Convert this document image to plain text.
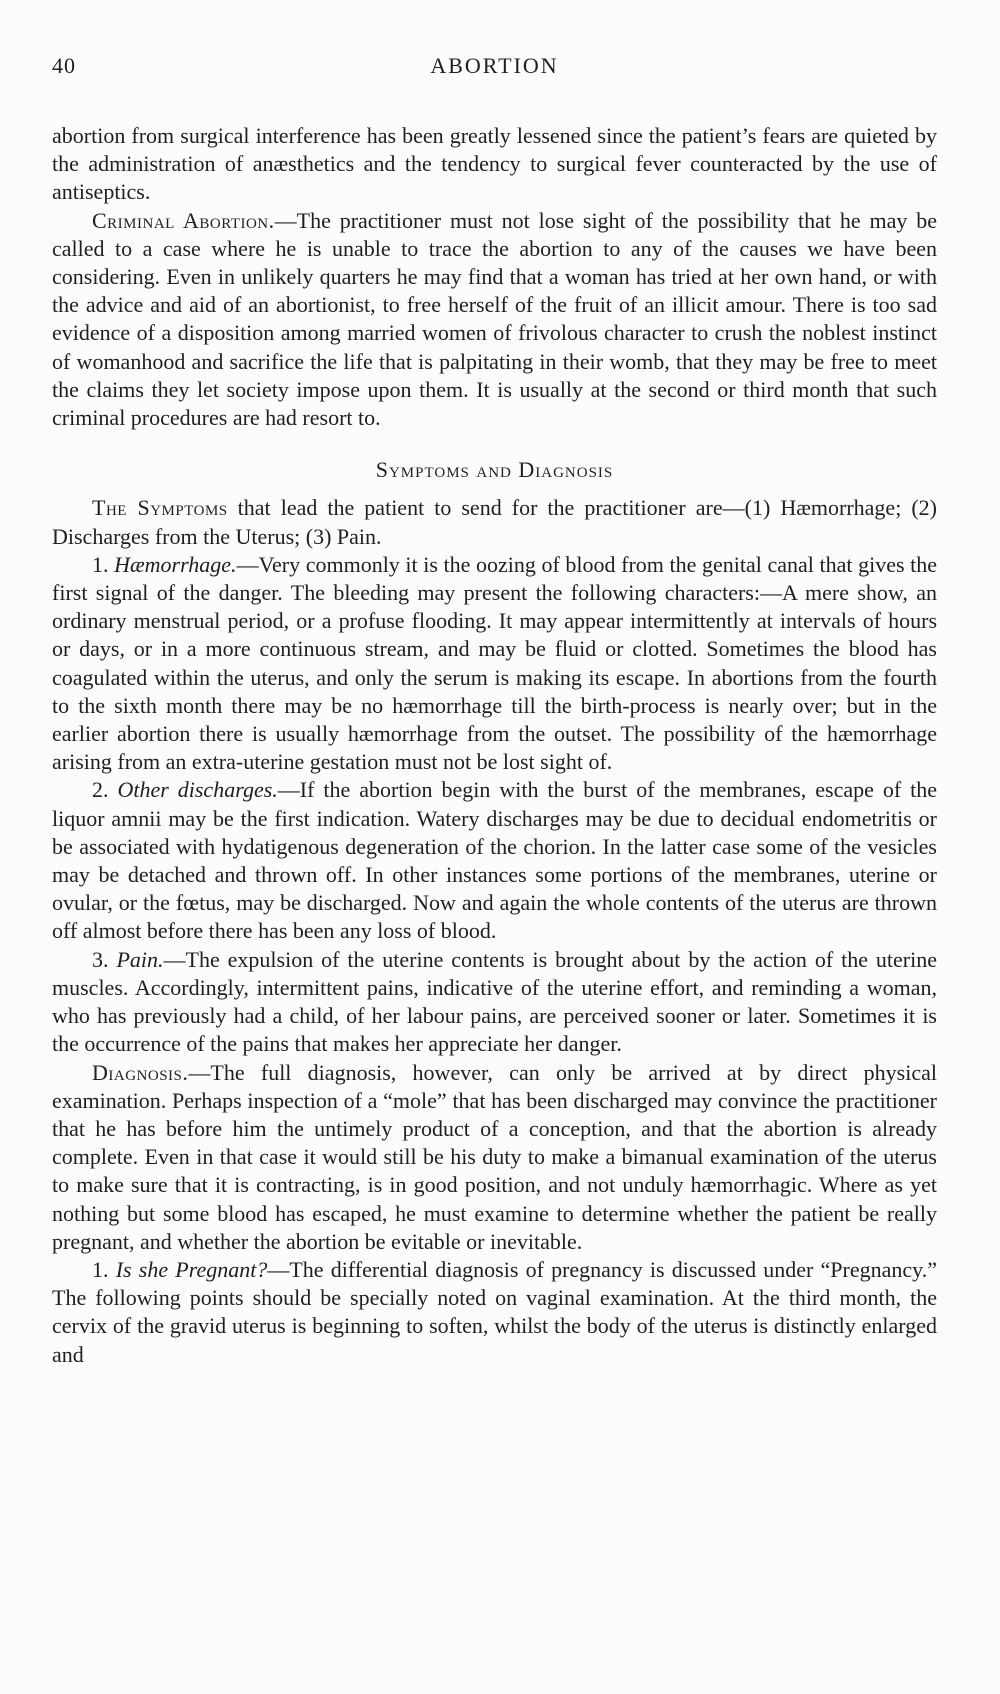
40	ABORTION

abortion from surgical interference has been greatly lessened since the patient’s fears are quieted by the administration of anæsthetics and the tendency to surgical fever counteracted by the use of antiseptics.

Criminal Abortion.—The practitioner must not lose sight of the possibility that he may be called to a case where he is unable to trace the abortion to any of the causes we have been considering. Even in unlikely quarters he may find that a woman has tried at her own hand, or with the advice and aid of an abortionist, to free herself of the fruit of an illicit amour. There is too sad evidence of a disposition among married women of frivolous character to crush the noblest instinct of womanhood and sacrifice the life that is palpitating in their womb, that they may be free to meet the claims they let society impose upon them. It is usually at the second or third month that such criminal procedures are had resort to.

Symptoms and Diagnosis

The Symptoms that lead the patient to send for the practitioner are—(1) Hæmorrhage; (2) Discharges from the Uterus; (3) Pain.

1. Hæmorrhage.—Very commonly it is the oozing of blood from the genital canal that gives the first signal of the danger. The bleeding may present the following characters:—A mere show, an ordinary menstrual period, or a profuse flooding. It may appear intermittently at intervals of hours or days, or in a more continuous stream, and may be fluid or clotted. Sometimes the blood has coagulated within the uterus, and only the serum is making its escape. In abortions from the fourth to the sixth month there may be no hæmorrhage till the birth-process is nearly over; but in the earlier abortion there is usually hæmorrhage from the outset. The possibility of the hæmorrhage arising from an extra-uterine gestation must not be lost sight of.

2. Other discharges.—If the abortion begin with the burst of the membranes, escape of the liquor amnii may be the first indication. Watery discharges may be due to decidual endometritis or be associated with hydatigenous degeneration of the chorion. In the latter case some of the vesicles may be detached and thrown off. In other instances some portions of the membranes, uterine or ovular, or the fœtus, may be discharged. Now and again the whole contents of the uterus are thrown off almost before there has been any loss of blood.

3. Pain.—The expulsion of the uterine contents is brought about by the action of the uterine muscles. Accordingly, intermittent pains, indicative of the uterine effort, and reminding a woman, who has previously had a child, of her labour pains, are perceived sooner or later. Sometimes it is the occurrence of the pains that makes her appreciate her danger.

Diagnosis.—The full diagnosis, however, can only be arrived at by direct physical examination. Perhaps inspection of a “mole” that has been discharged may convince the practitioner that he has before him the untimely product of a conception, and that the abortion is already complete. Even in that case it would still be his duty to make a bimanual examination of the uterus to make sure that it is contracting, is in good position, and not unduly hæmorrhagic. Where as yet nothing but some blood has escaped, he must examine to determine whether the patient be really pregnant, and whether the abortion be evitable or inevitable.

1. Is she Pregnant?—The differential diagnosis of pregnancy is discussed under “Pregnancy.” The following points should be specially noted on vaginal examination. At the third month, the cervix of the gravid uterus is beginning to soften, whilst the body of the uterus is distinctly enlarged and
